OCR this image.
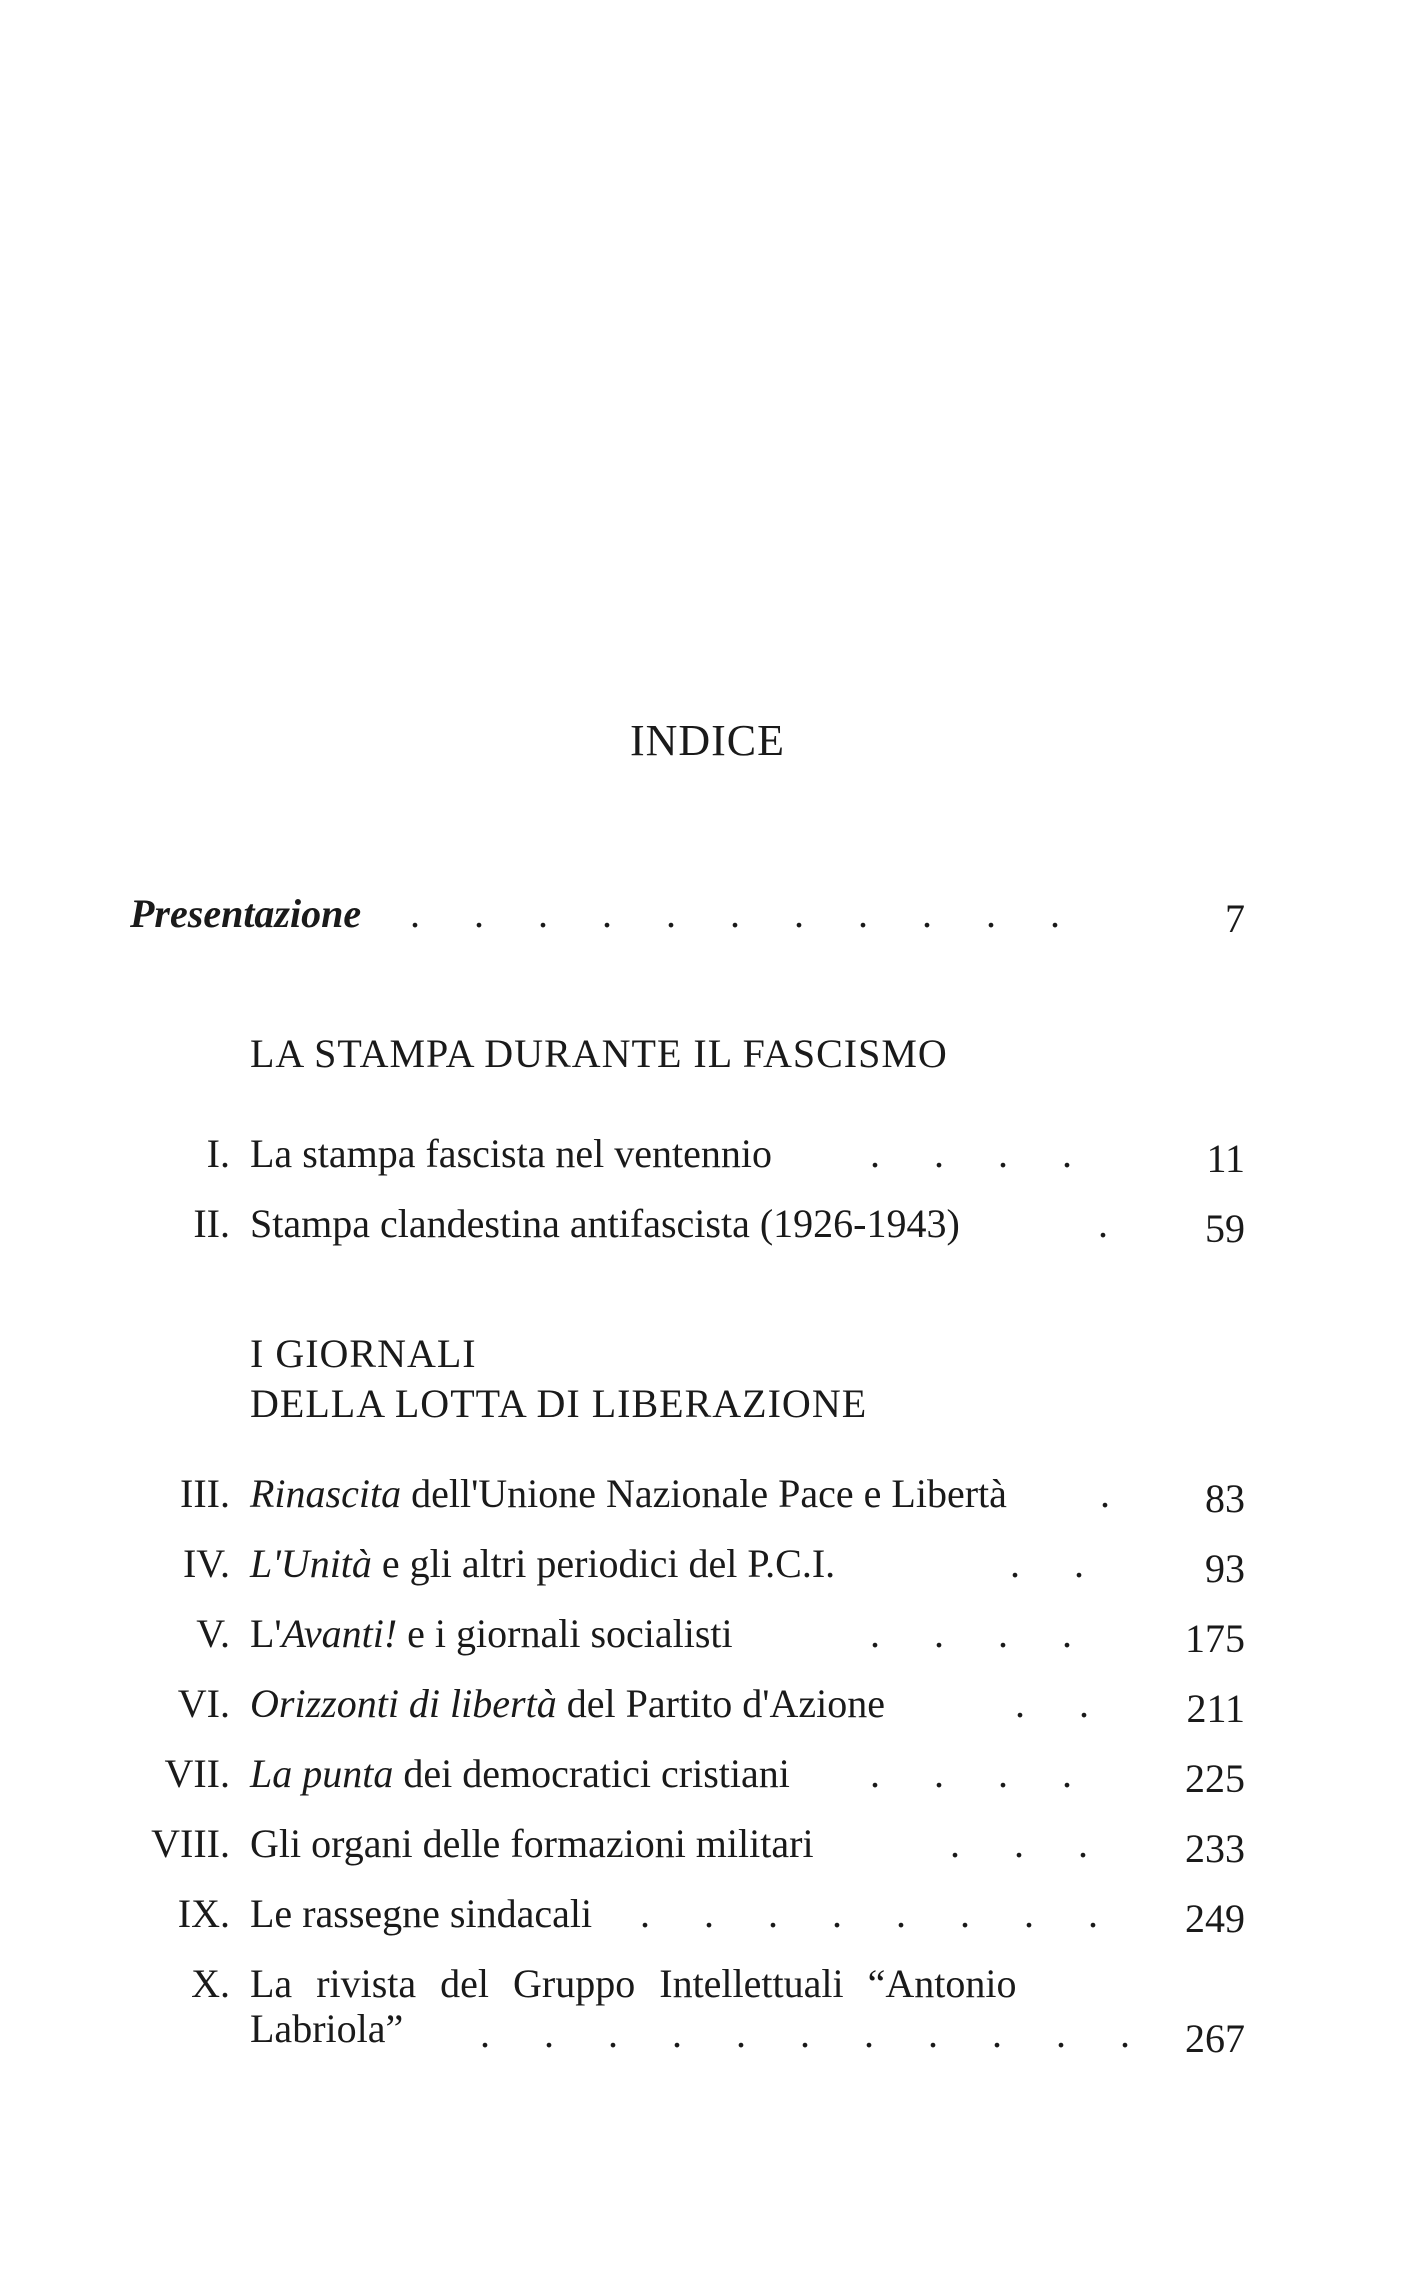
INDICE
Presentazione . . . . . . . . . . .	7
LA STAMPA DURANTE IL FASCISMO
I. La stampa fascista nel ventennio . . . .	11
II. Stampa clandestina antifascista (1926-1943)	.	59
I GIORNALI
DELLA LOTTA DI LIBERAZIONE
III. Rinascita dell'Unione Nazionale Pace e Libertà .	83
IV. L'Unità e gli altri periodici del P.C.I.	. .	93
V. L'Avanti! e i giornali socialisti	. . . .	175
VI. Orizzonti di libertà del Partito d'Azione	. .	211
VII. La punta dei democratici cristiani . . . .	225
VIII. Gli organi delle formazioni militari	. . .	233
IX. Le rassegne sindacali . . . . . . . .	249
X. La rivista del Gruppo Intellettuali “Antonio
Labriola” . . . . . . . . . . . 267
